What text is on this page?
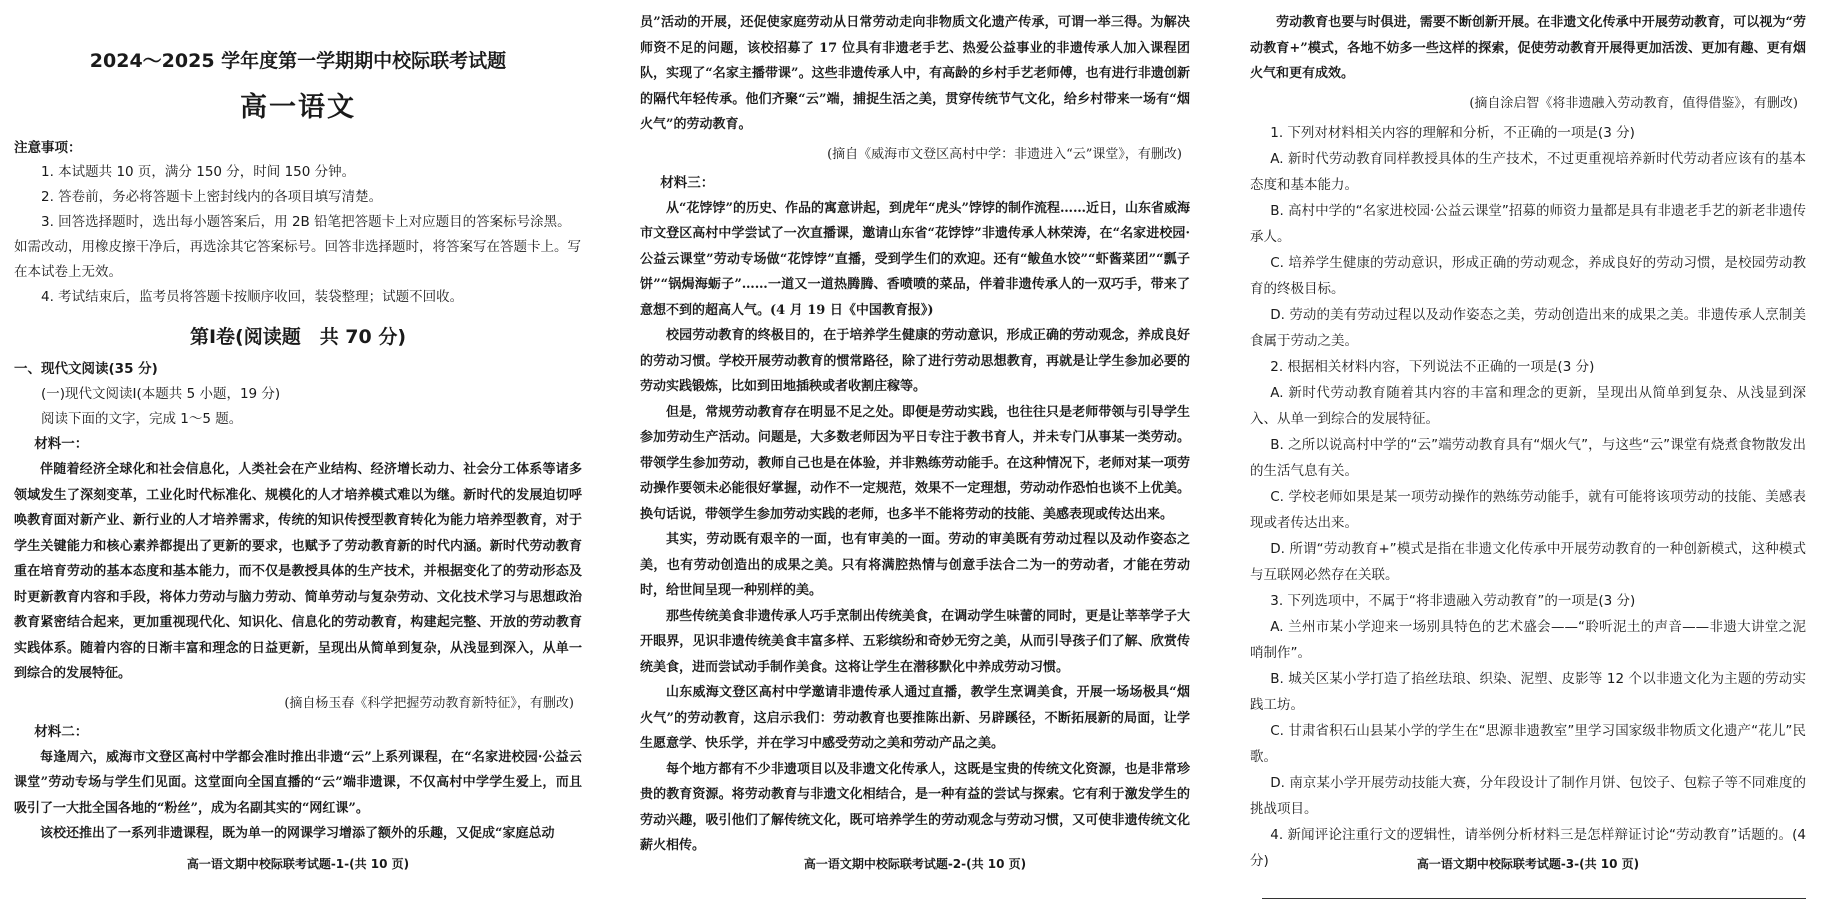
2024～2025 学年度第一学期期中校际联考试题

高一语文

注意事项：

1. 本试题共 10 页，满分 150 分，时间 150 分钟。

2. 答卷前，务必将答题卡上密封线内的各项目填写清楚。

3. 回答选择题时，选出每小题答案后，用 2B 铅笔把答题卡上对应题目的答案标号涂黑。如需改动，用橡皮擦干净后，再选涂其它答案标号。回答非选择题时，将答案写在答题卡上。写在本试卷上无效。

4. 考试结束后，监考员将答题卡按顺序收回，装袋整理；试题不回收。

第Ⅰ卷(阅读题　共 70 分)

一、现代文阅读(35 分)

(一)现代文阅读Ⅰ(本题共 5 小题，19 分)

阅读下面的文字，完成 1～5 题。

材料一：

伴随着经济全球化和社会信息化，人类社会在产业结构、经济增长动力、社会分工体系等诸多领域发生了深刻变革，工业化时代标准化、规模化的人才培养模式难以为继。新时代的发展迫切呼唤教育面对新产业、新行业的人才培养需求，传统的知识传授型教育转化为能力培养型教育，对于学生关键能力和核心素养都提出了更新的要求，也赋予了劳动教育新的时代内涵。新时代劳动教育重在培育劳动的基本态度和基本能力，而不仅是教授具体的生产技术，并根据变化了的劳动形态及时更新教育内容和手段，将体力劳动与脑力劳动、简单劳动与复杂劳动、文化技术学习与思想政治教育紧密结合起来，更加重视现代化、知识化、信息化的劳动教育，构建起完整、开放的劳动教育实践体系。随着内容的日渐丰富和理念的日益更新，呈现出从简单到复杂，从浅显到深入，从单一到综合的发展特征。

(摘自杨玉春《科学把握劳动教育新特征》，有删改)

材料二：

每逢周六，威海市文登区高村中学都会准时推出非遗“云”上系列课程，在“名家进校园·公益云课堂”劳动专场与学生们见面。这堂面向全国直播的“云”端非遗课，不仅高村中学学生爱上，而且吸引了一大批全国各地的“粉丝”，成为名副其实的“网红课”。

该校还推出了一系列非遗课程，既为单一的网课学习增添了额外的乐趣，又促成“家庭总动

高一语文期中校际联考试题-1-(共 10 页)

员”活动的开展，还促使家庭劳动从日常劳动走向非物质文化遗产传承，可谓一举三得。为解决师资不足的问题，该校招募了 17 位具有非遗老手艺、热爱公益事业的非遗传承人加入课程团队，实现了“名家主播带课”。这些非遗传承人中，有高龄的乡村手艺老师傅，也有进行非遗创新的隔代年轻传承。他们齐聚“云”端，捕捉生活之美，贯穿传统节气文化，给乡村带来一场有“烟火气”的劳动教育。

(摘自《威海市文登区高村中学：非遗进入“云”课堂》，有删改)

材料三：

从“花饽饽”的历史、作品的寓意讲起，到虎年“虎头”饽饽的制作流程……近日，山东省威海市文登区高村中学尝试了一次直播课，邀请山东省“花饽饽”非遗传承人林荣涛，在“名家进校园·公益云课堂”劳动专场做“花饽饽”直播，受到学生们的欢迎。还有“鲅鱼水饺”“虾酱菜团”“瓢子饼”“锅焗海蛎子”……一道又一道热腾腾、香喷喷的菜品，伴着非遗传承人的一双巧手，带来了意想不到的超高人气。(4 月 19 日《中国教育报》)

校园劳动教育的终极目的，在于培养学生健康的劳动意识，形成正确的劳动观念，养成良好的劳动习惯。学校开展劳动教育的惯常路径，除了进行劳动思想教育，再就是让学生参加必要的劳动实践锻炼，比如到田地插秧或者收割庄稼等。

但是，常规劳动教育存在明显不足之处。即便是劳动实践，也往往只是老师带领与引导学生参加劳动生产活动。问题是，大多数老师因为平日专注于教书育人，并未专门从事某一类劳动。带领学生参加劳动，教师自己也是在体验，并非熟练劳动能手。在这种情况下，老师对某一项劳动操作要领未必能很好掌握，动作不一定规范，效果不一定理想，劳动动作恐怕也谈不上优美。换句话说，带领学生参加劳动实践的老师，也多半不能将劳动的技能、美感表现或传达出来。

其实，劳动既有艰辛的一面，也有审美的一面。劳动的审美既有劳动过程以及动作姿态之美，也有劳动创造出的成果之美。只有将满腔热情与创意手法合二为一的劳动者，才能在劳动时，给世间呈现一种别样的美。

那些传统美食非遗传承人巧手烹制出传统美食，在调动学生味蕾的同时，更是让莘莘学子大开眼界，见识非遗传统美食丰富多样、五彩缤纷和奇妙无穷之美，从而引导孩子们了解、欣赏传统美食，进而尝试动手制作美食。这将让学生在潜移默化中养成劳动习惯。

山东威海文登区高村中学邀请非遗传承人通过直播，教学生烹调美食，开展一场场极具“烟火气”的劳动教育，这启示我们：劳动教育也要推陈出新、另辟蹊径，不断拓展新的局面，让学生愿意学、快乐学，并在学习中感受劳动之美和劳动产品之美。

每个地方都有不少非遗项目以及非遗文化传承人，这既是宝贵的传统文化资源，也是非常珍贵的教育资源。将劳动教育与非遗文化相结合，是一种有益的尝试与探索。它有利于激发学生的劳动兴趣，吸引他们了解传统文化，既可培养学生的劳动观念与劳动习惯，又可使非遗传统文化薪火相传。

高一语文期中校际联考试题-2-(共 10 页)

劳动教育也要与时俱进，需要不断创新开展。在非遗文化传承中开展劳动教育，可以视为“劳动教育+”模式，各地不妨多一些这样的探索，促使劳动教育开展得更加活泼、更加有趣、更有烟火气和更有成效。

(摘自涂启智《将非遗融入劳动教育，值得借鉴》，有删改)

1. 下列对材料相关内容的理解和分析，不正确的一项是(3 分)

A. 新时代劳动教育同样教授具体的生产技术，不过更重视培养新时代劳动者应该有的基本态度和基本能力。

B. 高村中学的“名家进校园·公益云课堂”招募的师资力量都是具有非遗老手艺的新老非遗传承人。

C. 培养学生健康的劳动意识，形成正确的劳动观念，养成良好的劳动习惯，是校园劳动教育的终极目标。

D. 劳动的美有劳动过程以及动作姿态之美，劳动创造出来的成果之美。非遗传承人烹制美食属于劳动之美。

2. 根据相关材料内容，下列说法不正确的一项是(3 分)

A. 新时代劳动教育随着其内容的丰富和理念的更新，呈现出从简单到复杂、从浅显到深入、从单一到综合的发展特征。

B. 之所以说高村中学的“云”端劳动教育具有“烟火气”，与这些“云”课堂有烧煮食物散发出的生活气息有关。

C. 学校老师如果是某一项劳动操作的熟练劳动能手，就有可能将该项劳动的技能、美感表现或者传达出来。

D. 所谓“劳动教育+”模式是指在非遗文化传承中开展劳动教育的一种创新模式，这种模式与互联网必然存在关联。

3. 下列选项中，不属于“将非遗融入劳动教育”的一项是(3 分)

A. 兰州市某小学迎来一场别具特色的艺术盛会——“聆听泥土的声音——非遗大讲堂之泥哨制作”。

B. 城关区某小学打造了掐丝珐琅、织染、泥塑、皮影等 12 个以非遗文化为主题的劳动实践工坊。

C. 甘肃省积石山县某小学的学生在“思源非遗教室”里学习国家级非物质文化遗产“花儿”民歌。

D. 南京某小学开展劳动技能大赛，分年段设计了制作月饼、包饺子、包粽子等不同难度的挑战项目。

4. 新闻评论注重行文的逻辑性，请举例分析材料三是怎样辩证讨论“劳动教育”话题的。(4 分)	高一语文期中校际联考试题-3-(共 10 页)
